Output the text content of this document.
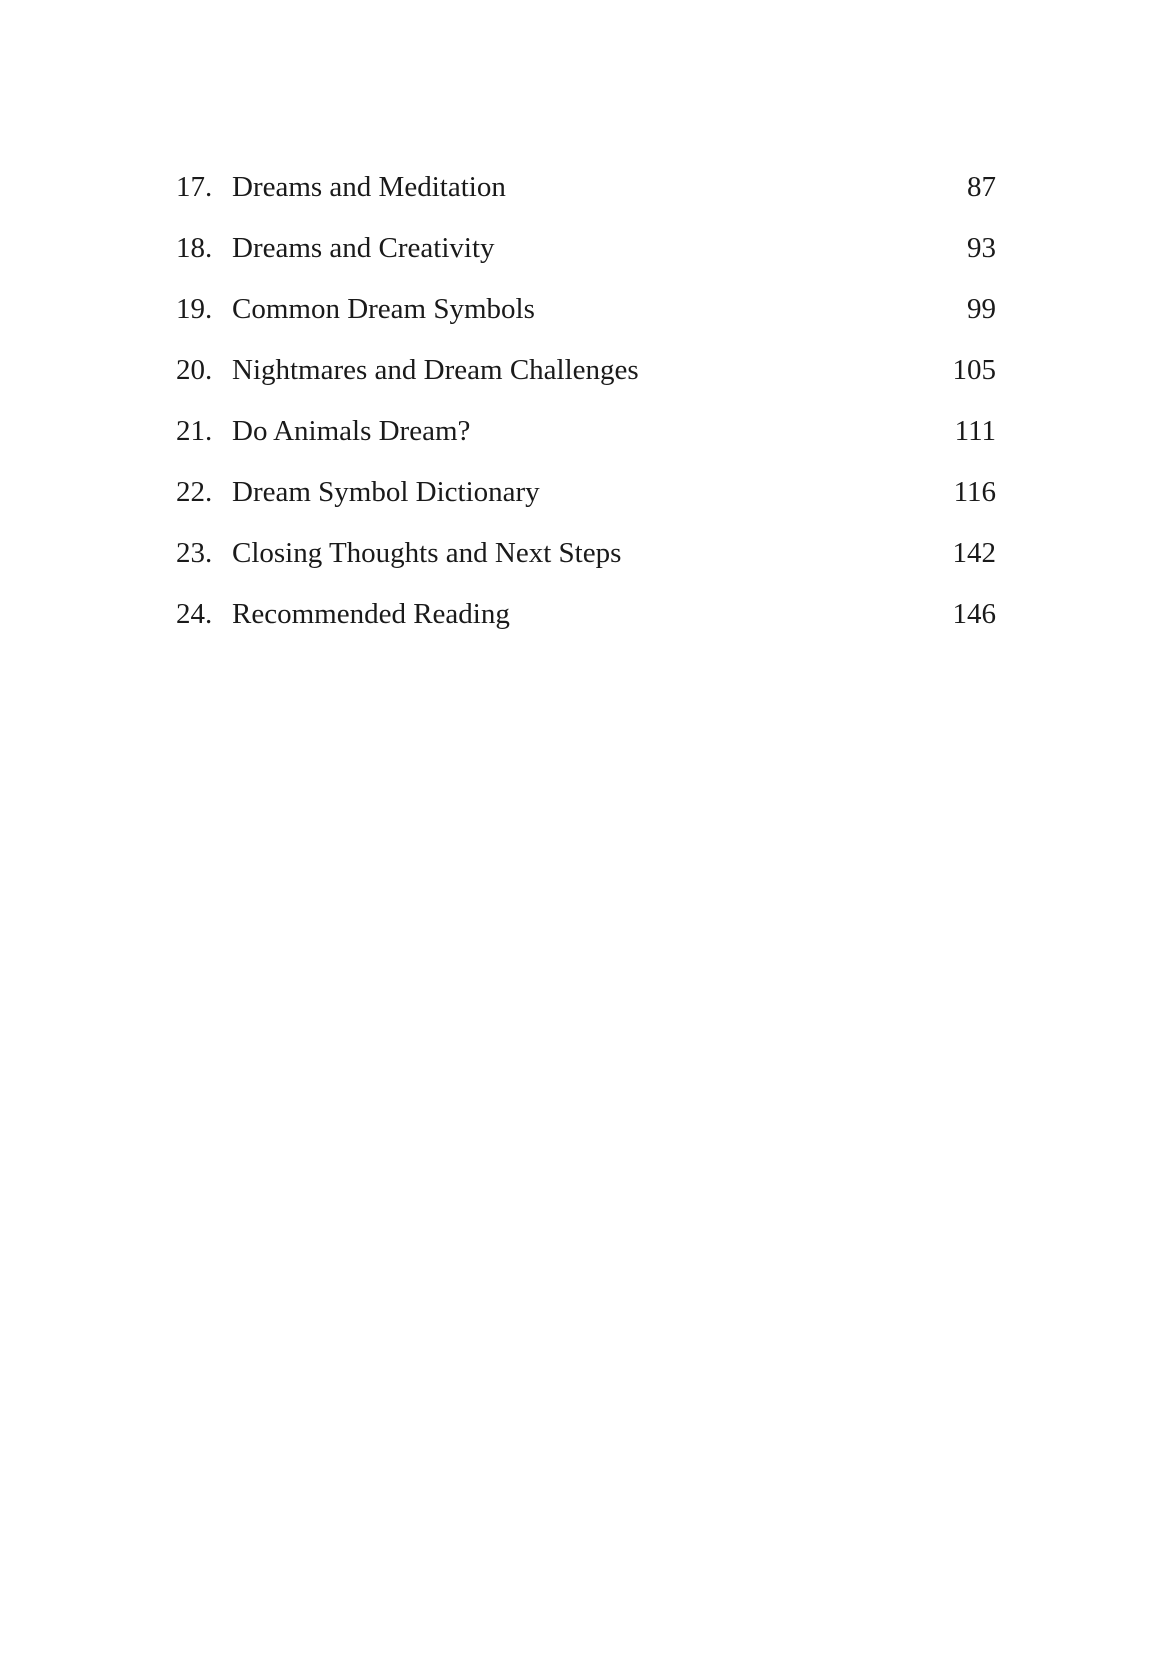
17. Dreams and Meditation	87
18. Dreams and Creativity	93
19. Common Dream Symbols	99
20. Nightmares and Dream Challenges	105
21. Do Animals Dream?	111
22. Dream Symbol Dictionary	116
23. Closing Thoughts and Next Steps	142
24. Recommended Reading	146
